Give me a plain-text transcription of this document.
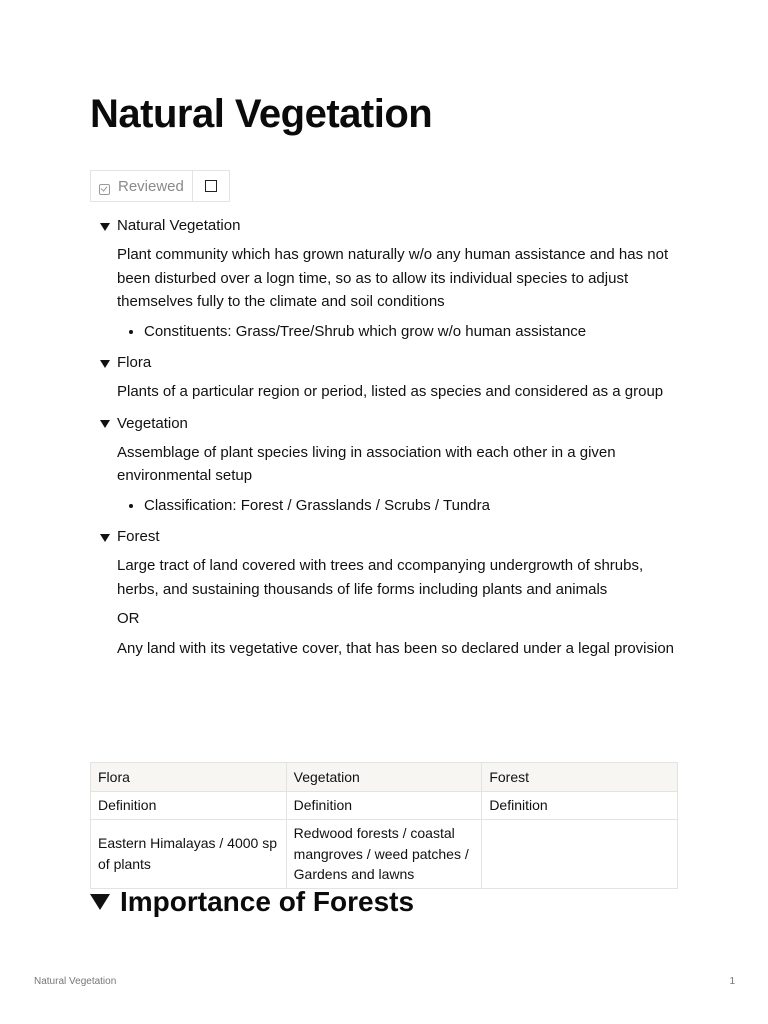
Natural Vegetation
Reviewed
Natural Vegetation

Plant community which has grown naturally w/o any human assistance and has not been disturbed over a logn time, so as to allow its individual species to adjust themselves fully to the climate and soil conditions

• Constituents: Grass/Tree/Shrub which grow w/o human assistance
Flora

Plants of a particular region or period, listed as species and considered as a group

Vegetation

Assemblage of plant species living in association with each other in a given environmental setup

• Classification: Forest / Grasslands / Scrubs / Tundra
Forest

Large tract of land covered with trees and ccompanying undergrowth of shrubs, herbs, and sustaining thousands of life forms including plants and animals

OR

Any land with its vegetative cover, that has been so declared under a legal provision

Flora	Vegetation	Forest
Definition	Definition	Definition
Eastern Himalayas / 4000 sp of plants	Redwood forests / coastal mangroves / weed patches / Gardens and lawns	
Importance of Forests
Natural Vegetation	1
